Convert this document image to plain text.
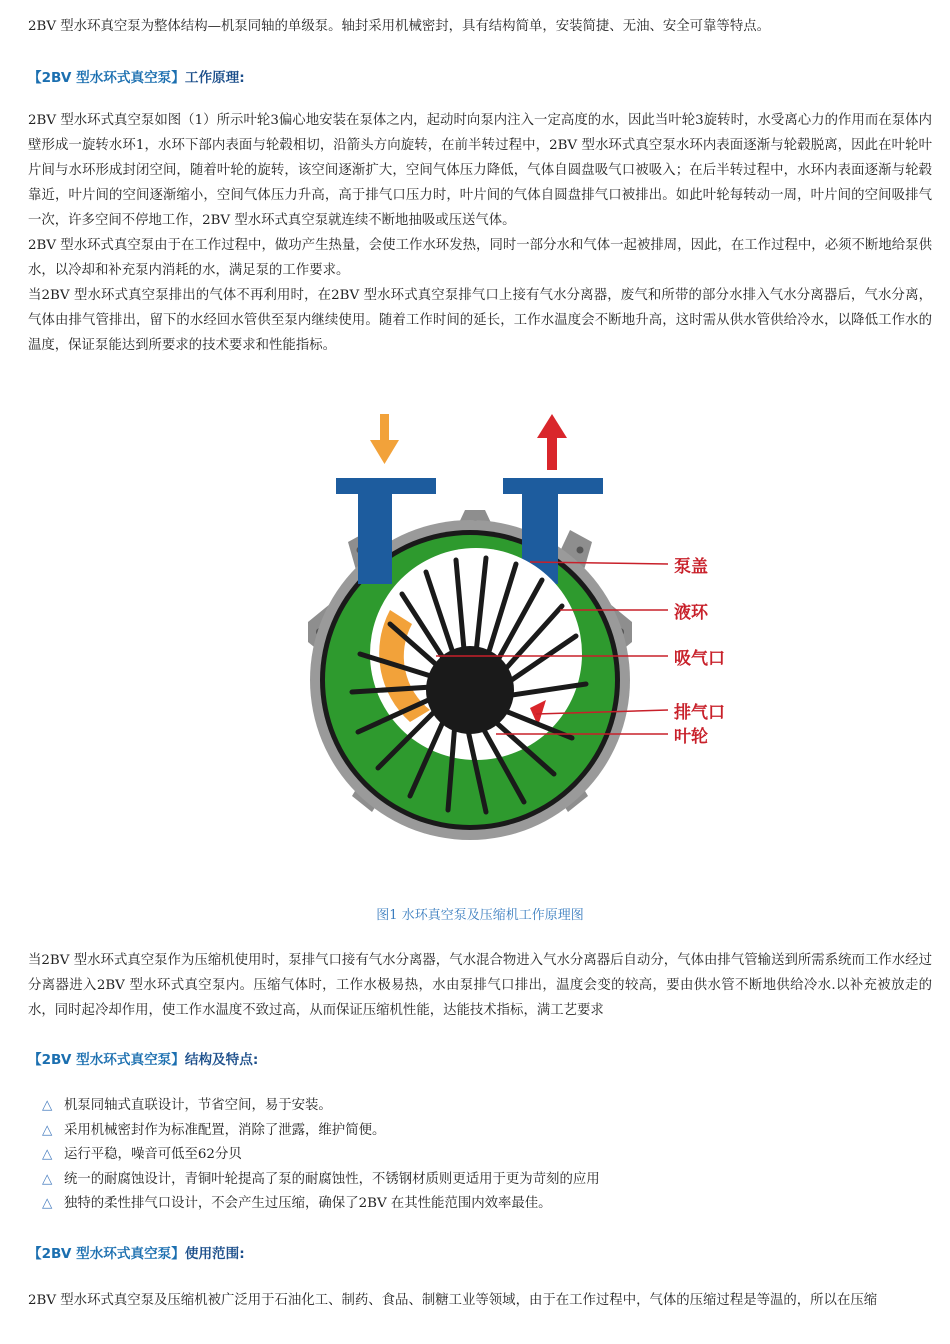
2BV 型水环真空泵为整体结构—机泵同轴的单级泵。轴封采用机械密封，具有结构简单，安装简捷、无油、安全可靠等特点。

【2BV 型水环式真空泵】工作原理:

2BV 型水环式真空泵如图（1）所示叶轮3偏心地安装在泵体之内，起动时向泵内注入一定高度的水，因此当叶轮3旋转时，水受离心力的作用而在泵体内壁形成一旋转水环1，水环下部内表面与轮毂相切，沿箭头方向旋转，在前半转过程中，2BV 型水环式真空泵水环内表面逐渐与轮毂脱离，因此在叶轮叶片间与水环形成封闭空间，随着叶轮的旋转，该空间逐渐扩大，空间气体压力降低，气体自圆盘吸气口被吸入；在后半转过程中，水环内表面逐渐与轮毂靠近，叶片间的空间逐渐缩小，空间气体压力升高，高于排气口压力时，叶片间的气体自圆盘排气口被排出。如此叶轮每转动一周，叶片间的空间吸排气一次，许多空间不停地工作，2BV 型水环式真空泵就连续不断地抽吸或压送气体。

2BV 型水环式真空泵由于在工作过程中，做功产生热量，会使工作水环发热，同时一部分水和气体一起被排周，因此，在工作过程中，必须不断地给泵供水，以冷却和补充泵内消耗的水，满足泵的工作要求。

当2BV 型水环式真空泵排出的气体不再利用时，在2BV 型水环式真空泵排气口上接有气水分离器，废气和所带的部分水排入气水分离器后，气水分离，气体由排气管排出，留下的水经回水管供至泵内继续使用。随着工作时间的延长，工作水温度会不断地升高，这时需从供水管供给冷水，以降低工作水的温度，保证泵能达到所要求的技术要求和性能指标。

泵盖
液环
吸气口
排气口
叶轮
图1 水环真空泵及压缩机工作原理图

当2BV 型水环式真空泵作为压缩机使用时，泵排气口接有气水分离器，气水混合物进入气水分离器后自动分，气体由排气管输送到所需系统而工作水经过分离器进入2BV 型水环式真空泵内。压缩气体时，工作水极易热，水由泵排气口排出，温度会变的较高，要由供水管不断地供给冷水.以补充被放走的水，同时起冷却作用，使工作水温度不致过高，从而保证压缩机性能，达能技术指标，满工艺要求

【2BV 型水环式真空泵】结构及特点:
△ 机泵同轴式直联设计，节省空间，易于安装。
△ 采用机械密封作为标准配置，消除了泄露，维护简便。
△ 运行平稳，噪音可低至62分贝
△ 统一的耐腐蚀设计，青铜叶轮提高了泵的耐腐蚀性，不锈钢材质则更适用于更为苛刻的应用
△ 独特的柔性排气口设计，不会产生过压缩，确保了2BV 在其性能范围内效率最佳。
【2BV 型水环式真空泵】使用范围:

2BV 型水环式真空泵及压缩机被广泛用于石油化工、制药、食品、制糖工业等领域，由于在工作过程中，气体的压缩过程是等温的，所以在压缩
